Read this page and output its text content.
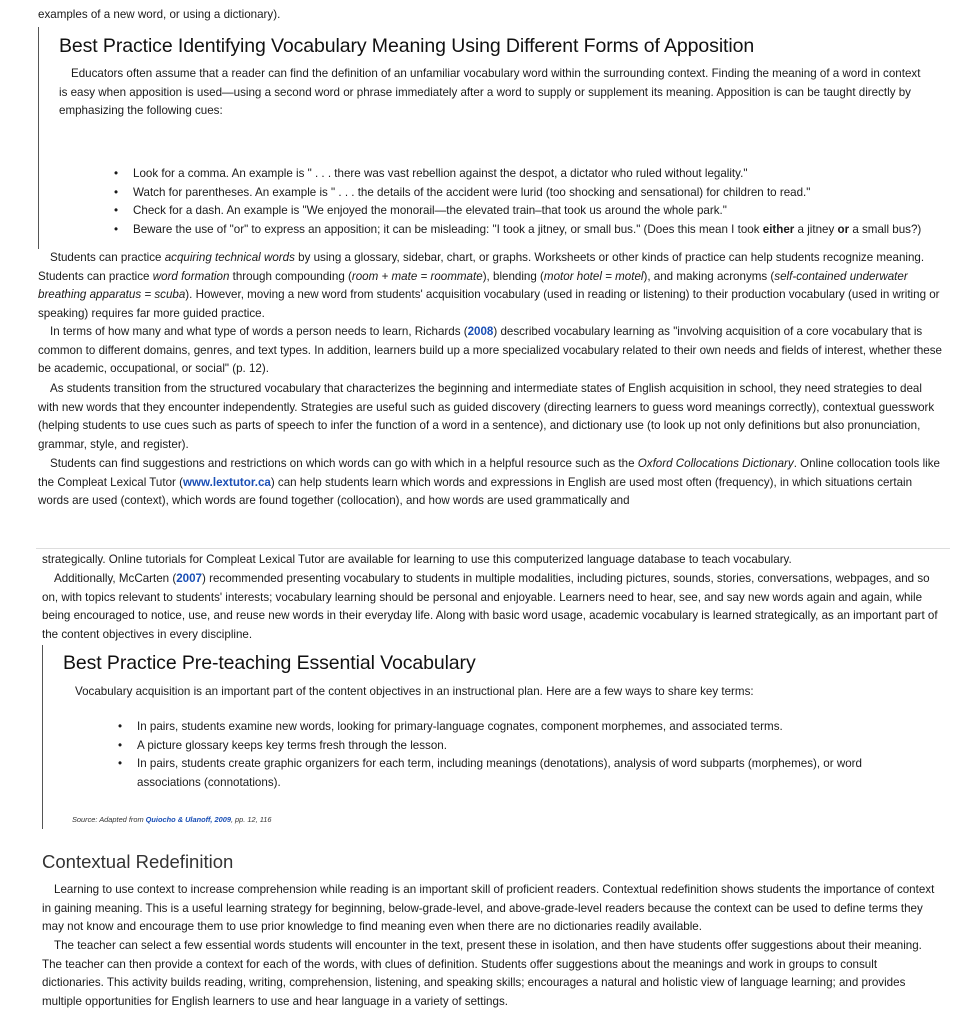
examples of a new word, or using a dictionary).

Best Practice Identifying Vocabulary Meaning Using Different Forms of Apposition

Educators often assume that a reader can find the definition of an unfamiliar vocabulary word within the surrounding context. Finding the meaning of a word in context is easy when apposition is used—using a second word or phrase immediately after a word to supply or supplement its meaning. Apposition is can be taught directly by emphasizing the following cues:

• Look for a comma. An example is " . . . there was vast rebellion against the despot, a dictator who ruled without legality."
• Watch for parentheses. An example is " . . . the details of the accident were lurid (too shocking and sensational) for children to read."
• Check for a dash. An example is "We enjoyed the monorail—the elevated train–that took us around the whole park."
• Beware the use of "or" to express an apposition; it can be misleading: "I took a jitney, or small bus." (Does this mean I took either a jitney or a small bus?)

Students can practice acquiring technical words by using a glossary, sidebar, chart, or graphs. Worksheets or other kinds of practice can help students recognize meaning. Students can practice word formation through compounding (room + mate = roommate), blending (motor hotel = motel), and making acronyms (self-contained underwater breathing apparatus = scuba). However, moving a new word from students' acquisition vocabulary (used in reading or listening) to their production vocabulary (used in writing or speaking) requires far more guided practice.

In terms of how many and what type of words a person needs to learn, Richards (2008) described vocabulary learning as "involving acquisition of a core vocabulary that is common to different domains, genres, and text types. In addition, learners build up a more specialized vocabulary related to their own needs and fields of interest, whether these be academic, occupational, or social" (p. 12).

As students transition from the structured vocabulary that characterizes the beginning and intermediate states of English acquisition in school, they need strategies to deal with new words that they encounter independently. Strategies are useful such as guided discovery (directing learners to guess word meanings correctly), contextual guesswork (helping students to use cues such as parts of speech to infer the function of a word in a sentence), and dictionary use (to look up not only definitions but also pronunciation, grammar, style, and register).

Students can find suggestions and restrictions on which words can go with which in a helpful resource such as the Oxford Collocations Dictionary. Online collocation tools like the Compleat Lexical Tutor (www.lextutor.ca) can help students learn which words and expressions in English are used most often (frequency), in which situations certain words are used (context), which words are found together (collocation), and how words are used grammatically and

strategically. Online tutorials for Compleat Lexical Tutor are available for learning to use this computerized language database to teach vocabulary.

Additionally, McCarten (2007) recommended presenting vocabulary to students in multiple modalities, including pictures, sounds, stories, conversations, webpages, and so on, with topics relevant to students' interests; vocabulary learning should be personal and enjoyable. Learners need to hear, see, and say new words again and again, while being encouraged to notice, use, and reuse new words in their everyday life. Along with basic word usage, academic vocabulary is learned strategically, as an important part of the content objectives in every discipline.

Best Practice Pre-teaching Essential Vocabulary

Vocabulary acquisition is an important part of the content objectives in an instructional plan. Here are a few ways to share key terms:

• In pairs, students examine new words, looking for primary-language cognates, component morphemes, and associated terms.
• A picture glossary keeps key terms fresh through the lesson.
• In pairs, students create graphic organizers for each term, including meanings (denotations), analysis of word subparts (morphemes), or word associations (connotations).

Source: Adapted from Quiocho & Ulanoff, 2009, pp. 12, 116

Contextual Redefinition

Learning to use context to increase comprehension while reading is an important skill of proficient readers. Contextual redefinition shows students the importance of context in gaining meaning. This is a useful learning strategy for beginning, below-grade-level, and above-grade-level readers because the context can be used to define terms they may not know and encourage them to use prior knowledge to find meaning even when there are no dictionaries readily available.

The teacher can select a few essential words students will encounter in the text, present these in isolation, and then have students offer suggestions about their meaning. The teacher can then provide a context for each of the words, with clues of definition. Students offer suggestions about the meanings and work in groups to consult dictionaries. This activity builds reading, writing, comprehension, listening, and speaking skills; encourages a natural and holistic view of language learning; and provides multiple opportunities for English learners to use and hear language in a variety of settings.
